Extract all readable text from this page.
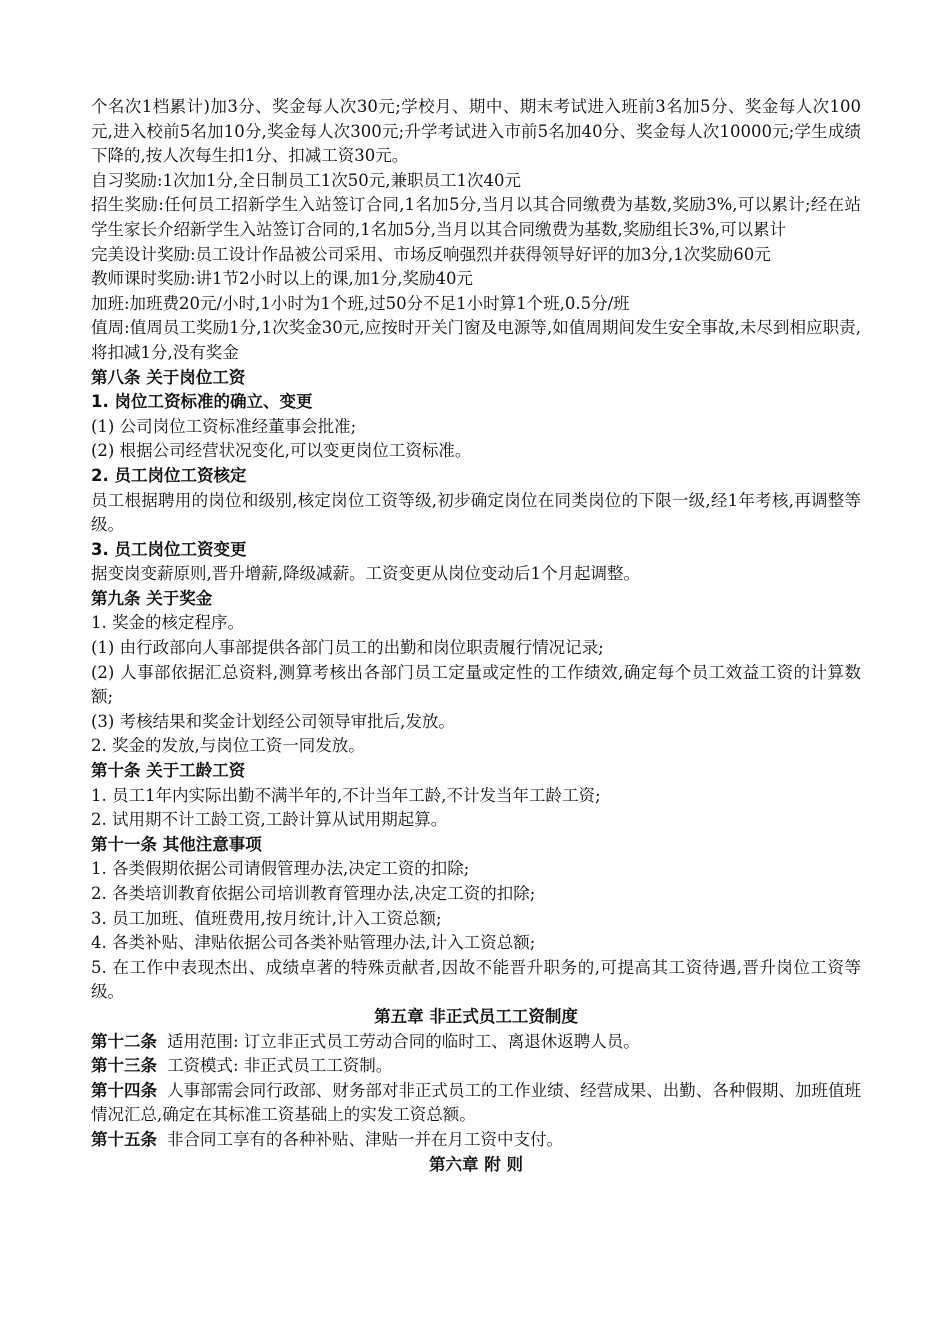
个名次1档累计)加3分、奖金每人次30元;学校月、期中、期末考试进入班前3名加5分、奖金每人次100元,进入校前5名加10分,奖金每人次300元;升学考试进入市前5名加40分、奖金每人次10000元;学生成绩下降的,按人次每生扣1分、扣减工资30元。

自习奖励:1次加1分,全日制员工1次50元,兼职员工1次40元

招生奖励:任何员工招新学生入站签订合同,1名加5分,当月以其合同缴费为基数,奖励3%,可以累计;经在站学生家长介绍新学生入站签订合同的,1名加5分,当月以其合同缴费为基数,奖励组长3%,可以累计

完美设计奖励:员工设计作品被公司采用、市场反响强烈并获得领导好评的加3分,1次奖励60元

教师课时奖励:讲1节2小时以上的课,加1分,奖励40元

加班:加班费20元/小时,1小时为1个班,过50分不足1小时算1个班,0.5分/班

值周:值周员工奖励1分,1次奖金30元,应按时开关门窗及电源等,如值周期间发生安全事故,未尽到相应职责,将扣减1分,没有奖金

第八条 关于岗位工资

1. 岗位工资标准的确立、变更

(1) 公司岗位工资标准经董事会批准;

(2) 根据公司经营状况变化,可以变更岗位工资标准。

2. 员工岗位工资核定

员工根据聘用的岗位和级别,核定岗位工资等级,初步确定岗位在同类岗位的下限一级,经1年考核,再调整等级。

3. 员工岗位工资变更

据变岗变薪原则,晋升增薪,降级减薪。工资变更从岗位变动后1个月起调整。

第九条 关于奖金

1. 奖金的核定程序。

(1) 由行政部向人事部提供各部门员工的出勤和岗位职责履行情况记录;

(2) 人事部依据汇总资料,测算考核出各部门员工定量或定性的工作绩效,确定每个员工效益工资的计算数额;

(3) 考核结果和奖金计划经公司领导审批后,发放。

2. 奖金的发放,与岗位工资一同发放。

第十条 关于工龄工资

1. 员工1年内实际出勤不满半年的,不计当年工龄,不计发当年工龄工资;

2. 试用期不计工龄工资,工龄计算从试用期起算。

第十一条 其他注意事项

1. 各类假期依据公司请假管理办法,决定工资的扣除;

2. 各类培训教育依据公司培训教育管理办法,决定工资的扣除;

3. 员工加班、值班费用,按月统计,计入工资总额;

4. 各类补贴、津贴依据公司各类补贴管理办法,计入工资总额;

5. 在工作中表现杰出、成绩卓著的特殊贡献者,因故不能晋升职务的,可提高其工资待遇,晋升岗位工资等级。

第五章 非正式员工工资制度

第十二条 适用范围: 订立非正式员工劳动合同的临时工、离退休返聘人员。

第十三条 工资模式: 非正式员工工资制。

第十四条 人事部需会同行政部、财务部对非正式员工的工作业绩、经营成果、出勤、各种假期、加班值班情况汇总,确定在其标准工资基础上的实发工资总额。

第十五条 非合同工享有的各种补贴、津贴一并在月工资中支付。

第六章 附 则
